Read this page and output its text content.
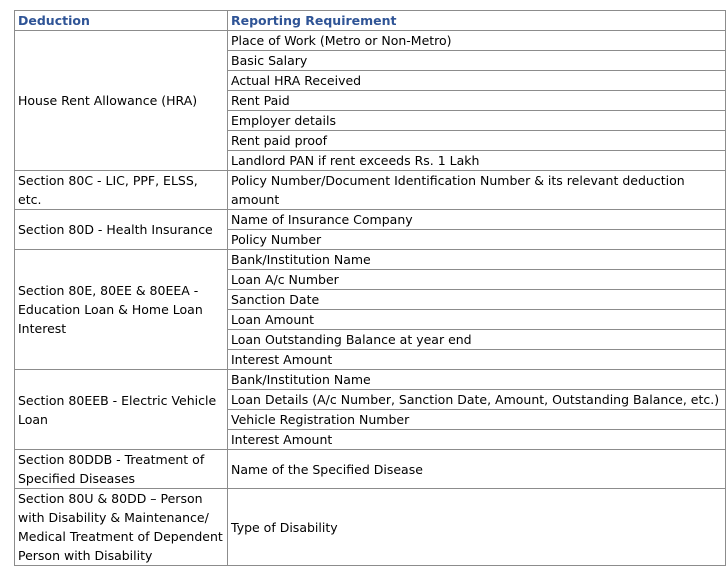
Deduction	Reporting Requirement
House Rent Allowance (HRA)	Place of Work (Metro or Non-Metro)
	Basic Salary
	Actual HRA Received
	Rent Paid
	Employer details
	Rent paid proof
	Landlord PAN if rent exceeds Rs. 1 Lakh
Section 80C - LIC, PPF, ELSS, etc.	Policy Number/Document Identification Number & its relevant deduction amount
Section 80D - Health Insurance	Name of Insurance Company
	Policy Number
Section 80E, 80EE & 80EEA - Education Loan & Home Loan Interest	Bank/Institution Name
	Loan A/c Number
	Sanction Date
	Loan Amount
	Loan Outstanding Balance at year end
	Interest Amount
Section 80EEB - Electric Vehicle Loan	Bank/Institution Name
	Loan Details (A/c Number, Sanction Date, Amount, Outstanding Balance, etc.)
	Vehicle Registration Number
	Interest Amount
Section 80DDB - Treatment of Specified Diseases	Name of the Specified Disease
Section 80U & 80DD – Person with Disability & Maintenance/ Medical Treatment of Dependent Person with Disability	Type of Disability
